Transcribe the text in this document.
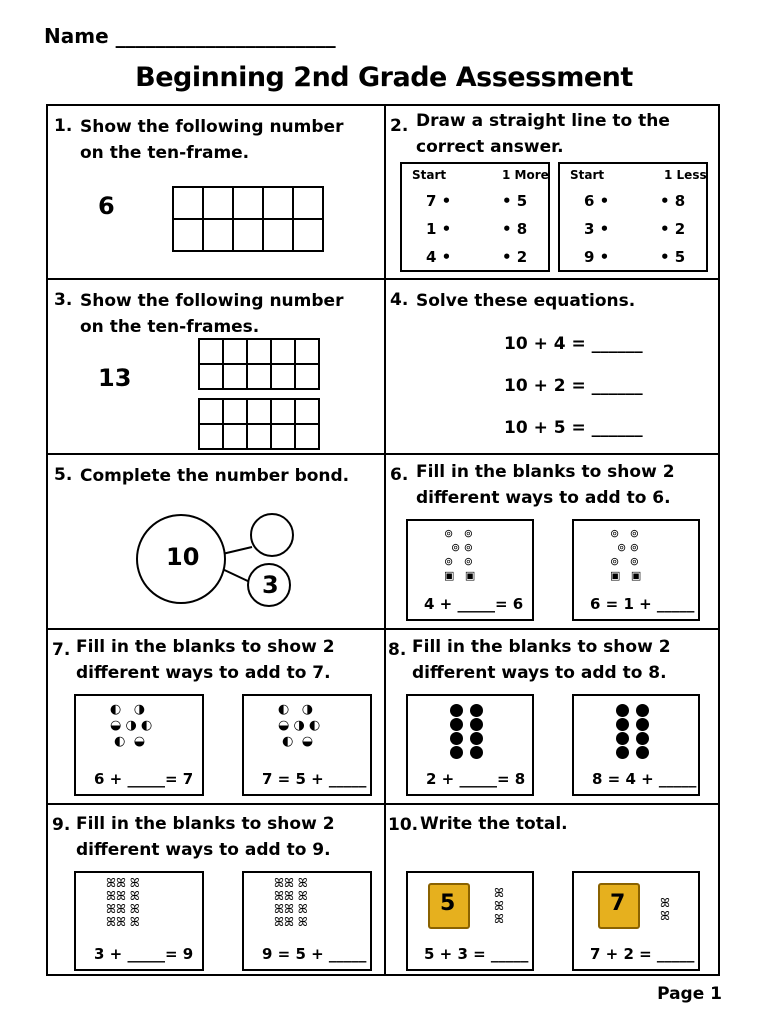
Name ______________________
Beginning 2nd Grade Assessment
1. Show the following number on the ten-frame.
6

2. Draw a straight line to the correct answer.
Start	1 More
7 •
1 •
4 •
• 5
• 8
• 2
Start	1 Less
6 •
3 •
9 •
• 8
• 2
• 5
3. Show the following number on the ten-frames.
13

4. Solve these equations.
10 + 4 = ______
10 + 2 = ______
10 + 5 = ______
5. Complete the number bond.
10
3
6. Fill in the blanks to show 2 different ways to add to 6.
⊚   ⊚
⊚ ⊚
⊚   ⊚
▣   ▣
4 + _____= 6
⊚   ⊚
⊚ ⊚
⊚   ⊚
▣   ▣
6 = 1 + _____
7. Fill in the blanks to show 2 different ways to add to 7.
◐   ◑
◒ ◑ ◐
◐  ◒
6 + _____= 7
◐   ◑
◒ ◑ ◐
◐  ◒
7 = 5 + _____
8. Fill in the blanks to show 2 different ways to add to 8.
2 + _____= 8	8 = 4 + _____
9. Fill in the blanks to show 2 different ways to add to 9.
ꕤꕤ ꕤ
ꕤꕤ ꕤ
ꕤꕤ ꕤ
ꕤꕤ ꕤ
3 + _____= 9
ꕤꕤ ꕤ
ꕤꕤ ꕤ
ꕤꕤ ꕤ
ꕤꕤ ꕤ
9 = 5 + _____
10. Write the total.
5	ꕤ
ꕤ
ꕤ
5 + 3 = _____
7	ꕤ
ꕤ
7 + 2 = _____
Page 1
